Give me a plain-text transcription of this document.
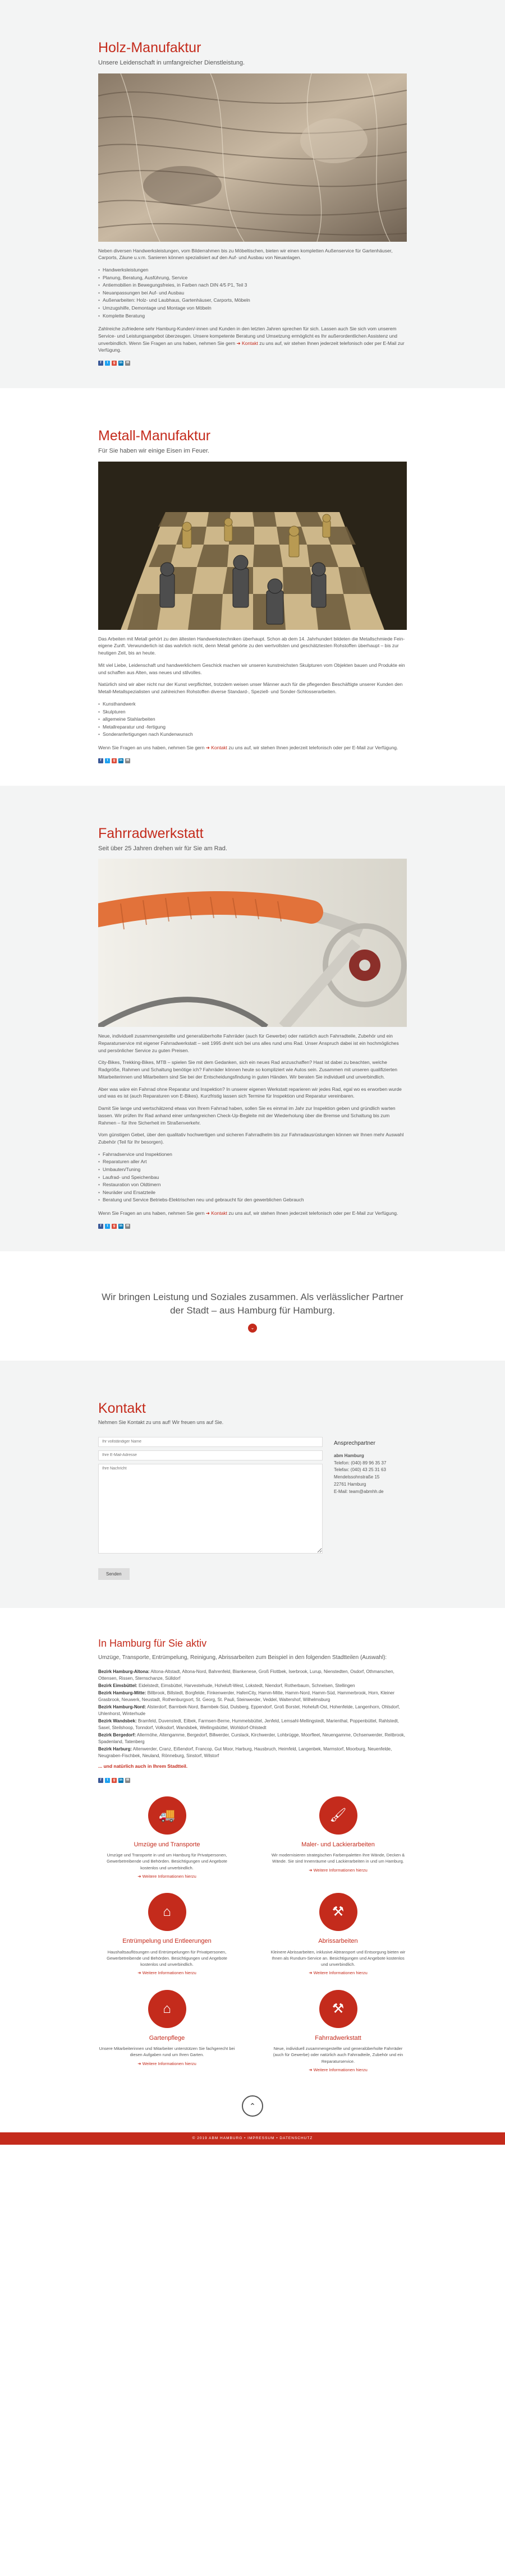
Holz-Manufaktur
Unsere Leidenschaft in umfangreicher Dienstleistung.

Neben diversen Handwerksleistungen, vom Bilderrahmen bis zu Möbeltischen, bieten wir einen kompletten Außenservice für Gartenhäuser, Carports, Zäune u.v.m. Sanieren können spezialisiert auf den Auf- und Ausbau von Neuanlagen.

• Handwerksleistungen
• Planung, Beratung, Ausführung, Service
• Antiemobilien in Bewegungsfreies, in Farben nach DIN 4/5 P1, Teil 3
• Neuanpassungen bei Auf- und Ausbau
• Außenarbeiten: Holz- und Laubhaus, Gartenhäuser, Carports, Möbeln
• Umzugshilfe, Demontage und Montage von Möbeln
• Komplette Beratung

Zahlreiche zufriedene sehr Hamburg-Kunden/-innen und Kunden in den letzten Jahren sprechen für sich. Lassen auch Sie sich vom unserem Service- und Leistungsangebot überzeugen. Unsere kompetente Beratung und Umsetzung ermöglicht es Ihr außerordentlichen Assistenz und unverbindlich. Wenn Sie Fragen an uns haben, nehmen Sie gern ➜ Kontakt zu uns auf, wir stehen Ihnen jederzeit telefonisch oder per E-Mail zur Verfügung.

f	t	g	in	✉
Metall-Manufaktur
Für Sie haben wir einige Eisen im Feuer.

Das Arbeiten mit Metall gehört zu den ältesten Handwerkstechniken überhaupt. Schon ab dem 14. Jahrhundert bildeten die Metallschmiede Fein-eigene Zunft. Verwunderlich ist das wahrlich nicht, denn Metall gehörte zu den wertvollsten und geschätztesten Rohstoffen überhaupt – bis zur heutigen Zeit, bis an heute.

Mit viel Liebe, Leidenschaft und handwerklichem Geschick machen wir unseren kunstreichsten Skulpturen vom Objekten bauen und Produkte ein und schaffen aus Alten, was neues und stilvolles.

Natürlich sind wir aber nicht nur der Kunst verpflichtet, trotzdem weisen unser Männer auch für die pflegenden Beschäftigte unserer Kunden den Metall-Metallspezialisten und zahlreichen Rohstoffen diverse Standard-, Speziell- und Sonder-Schlosserarbeiten.

• Kunsthandwerk
• Skulpturen
• allgemeine Stahlarbeiten
• Metallreparatur und -fertigung
• Sonderanfertigungen nach Kundenwunsch

Wenn Sie Fragen an uns haben, nehmen Sie gern ➜ Kontakt zu uns auf, wir stehen Ihnen jederzeit telefonisch oder per E-Mail zur Verfügung.

f	t	g	in	✉
Fahrradwerkstatt
Seit über 25 Jahren drehen wir für Sie am Rad.

Neue, individuell zusammengestellte und generalüberholte Fahrräder (auch für Gewerbe) oder natürlich auch Fahrradteile, Zubehör und ein Reparaturservice mit eigener Fahrradwerkstatt – seit 1995 dreht sich bei uns alles rund ums Rad. Unser Anspruch dabei ist ein hochmögliches und persönlicher Service zu guten Preisen.

City-Bikes, Trekking-Bikes, MTB – spielen Sie mit dem Gedanken, sich ein neues Rad anzuschaffen? Hast ist dabei zu beachten, welche Radgröße, Rahmen und Schaltung benötige ich? Fahrräder können heute so kompliziert wie Autos sein. Zusammen mit unseren qualifizierten Mitarbeiterinnen und Mitarbeitern sind Sie bei der Entscheidungsfindung in guten Händen. Wir beraten Sie individuell und unverbindlich.

Aber was wäre ein Fahrrad ohne Reparatur und Inspektion? In unserer eigenen Werkstatt reparieren wir jedes Rad, egal wo es erworben wurde und was es ist (auch Reparaturen von E-Bikes). Kurzfristig lassen sich Termine für Inspektion und Reparatur vereinbaren.

Damit Sie lange und wertschätzend etwas von Ihrem Fahrrad haben, sollen Sie es einmal im Jahr zur Inspektion geben und gründlich warten lassen. Wir prüfen Ihr Rad anhand einer umfangreichen Check-Up-Begleite mit der Wiederholung über die Bremse und Schaltung bis zum Rahmen – für Ihre Sicherheit im Straßenverkehr.

Vom günstigen Gebet, über den qualitativ hochwertigen und sicheren Fahrradhelm bis zur Fahrradausrüstungen können wir Ihnen mehr Auswahl Zubehör (Teil für Ihr besorgen).

• Fahrradservice und Inspektionen
• Reparaturen aller Art
• Umbauten/Tuning
• Laufrad- und Speichenbau
• Restauration von Oldtimern
• Neuräder und Ersatzteile
• Beratung und Service Betriebs-Elektrischen neu und gebraucht für den gewerblichen Gebrauch

Wenn Sie Fragen an uns haben, nehmen Sie gern ➜ Kontakt zu uns auf, wir stehen Ihnen jederzeit telefonisch oder per E-Mail zur Verfügung.

f	t	g	in	✉
Wir bringen Leistung und Soziales zusammen. Als verlässlicher Partner der Stadt – aus Hamburg für Hamburg.
⌄
Kontakt
Nehmen Sie Kontakt zu uns auf! Wir freuen uns auf Sie.
Ihr vollständiger Name
Ihre E-Mail-Adresse
Ihre Nachricht Senden
Ansprechpartner
abm Hamburg
Telefon: (040) 89 96 35 37
Telefax: (040) 43 25 31 63
Mendelssohnstraße 15
22761 Hamburg
E-Mail: team@abmhh.de
In Hamburg für Sie aktiv
Umzüge, Transporte, Entrümpelung, Reinigung, Abrissarbeiten zum Beispiel in den folgenden Stadtteilen (Auswahl):
Bezirk Hamburg-Altona: Altona-Altstadt, Altona-Nord, Bahrenfeld, Blankenese, Groß Flottbek, Iserbrook, Lurup, Nienstedten, Osdorf, Othmarschen, Ottensen, Rissen, Sternschanze, Sülldorf
Bezirk Eimsbüttel: Eidelstedt, Eimsbüttel, Harvestehude, Hoheluft-West, Lokstedt, Niendorf, Rotherbaum, Schnelsen, Stellingen
Bezirk Hamburg-Mitte: Billbrook, Billstedt, Borgfelde, Finkenwerder, HafenCity, Hamm-Mitte, Hamm-Nord, Hamm-Süd, Hammerbrook, Horn, Kleiner Grasbrook, Neuwerk, Neustadt, Rothenburgsort, St. Georg, St. Pauli, Steinwerder, Veddel, Waltershof, Wilhelmsburg
Bezirk Hamburg-Nord: Alsterdorf, Barmbek-Nord, Barmbek-Süd, Dulsberg, Eppendorf, Groß Borstel, Hoheluft-Ost, Hohenfelde, Langenhorn, Ohlsdorf, Uhlenhorst, Winterhude
Bezirk Wandsbek: Bramfeld, Duvenstedt, Eilbek, Farmsen-Berne, Hummelsbüttel, Jenfeld, Lemsahl-Mellingstedt, Marienthal, Poppenbüttel, Rahlstedt, Sasel, Steilshoop, Tonndorf, Volksdorf, Wandsbek, Wellingsbüttel, Wohldorf-Ohlstedt
Bezirk Bergedorf: Allermöhe, Altengamme, Bergedorf, Billwerder, Curslack, Kirchwerder, Lohbrügge, Moorfleet, Neuengamme, Ochsenwerder, Reitbrook, Spadenland, Tatenberg
Bezirk Harburg: Altenwerder, Cranz, Eißendorf, Francop, Gut Moor, Harburg, Hausbruch, Heimfeld, Langenbek, Marmstorf, Moorburg, Neuenfelde, Neugraben-Fischbek, Neuland, Rönneburg, Sinstorf, Wilstorf
... und natürlich auch in Ihrem Stadtteil.
f	t	g	in	✉
🚚
Umzüge und Transporte

Umzüge und Transporte in und um Hamburg für Privatpersonen, Gewerbetreibende und Behörden. Besichtigungen und Angebote kostenlos und unverbindlich.

➜ Weitere Informationen hierzu
🖌
Maler- und Lackierarbeiten

Wir modernisieren strategischen Farbenpaletten Ihre Wände, Decken & Wände. Sie sind Innenräume und Lackierarbeiten in und um Hamburg.

➜ Weitere Informationen hierzu
⌂
Entrümpelung und Entleerungen

Haushaltsauflösungen und Entrümpelungen für Privatpersonen, Gewerbetreibende und Behörden. Besichtigungen und Angebote kostenlos und unverbindlich.

➜ Weitere Informationen hierzu
⚒
Abrissarbeiten

Kleinere Abrissarbeiten, inklusive Abtransport und Entsorgung bieten wir Ihnen als Rundum-Service an. Besichtigungen und Angebote kostenlos und unverbindlich.

➜ Weitere Informationen hierzu
⌂
Gartenpflege

Unsere Mitarbeiterinnen und Mitarbeiter unterstützen Sie fachgerecht bei diesen Aufgaben rund um Ihren Garten.

➜ Weitere Informationen hierzu
⚒
Fahrradwerkstatt

Neue, individuell zusammengestellte und generalüberholte Fahrräder (auch für Gewerbe) oder natürlich auch Fahrradteile, Zubehör und ein Reparaturservice.

➜ Weitere Informationen hierzu
⌃
© 2019 ABM HAMBURG • IMPRESSUM • DATENSCHUTZ
